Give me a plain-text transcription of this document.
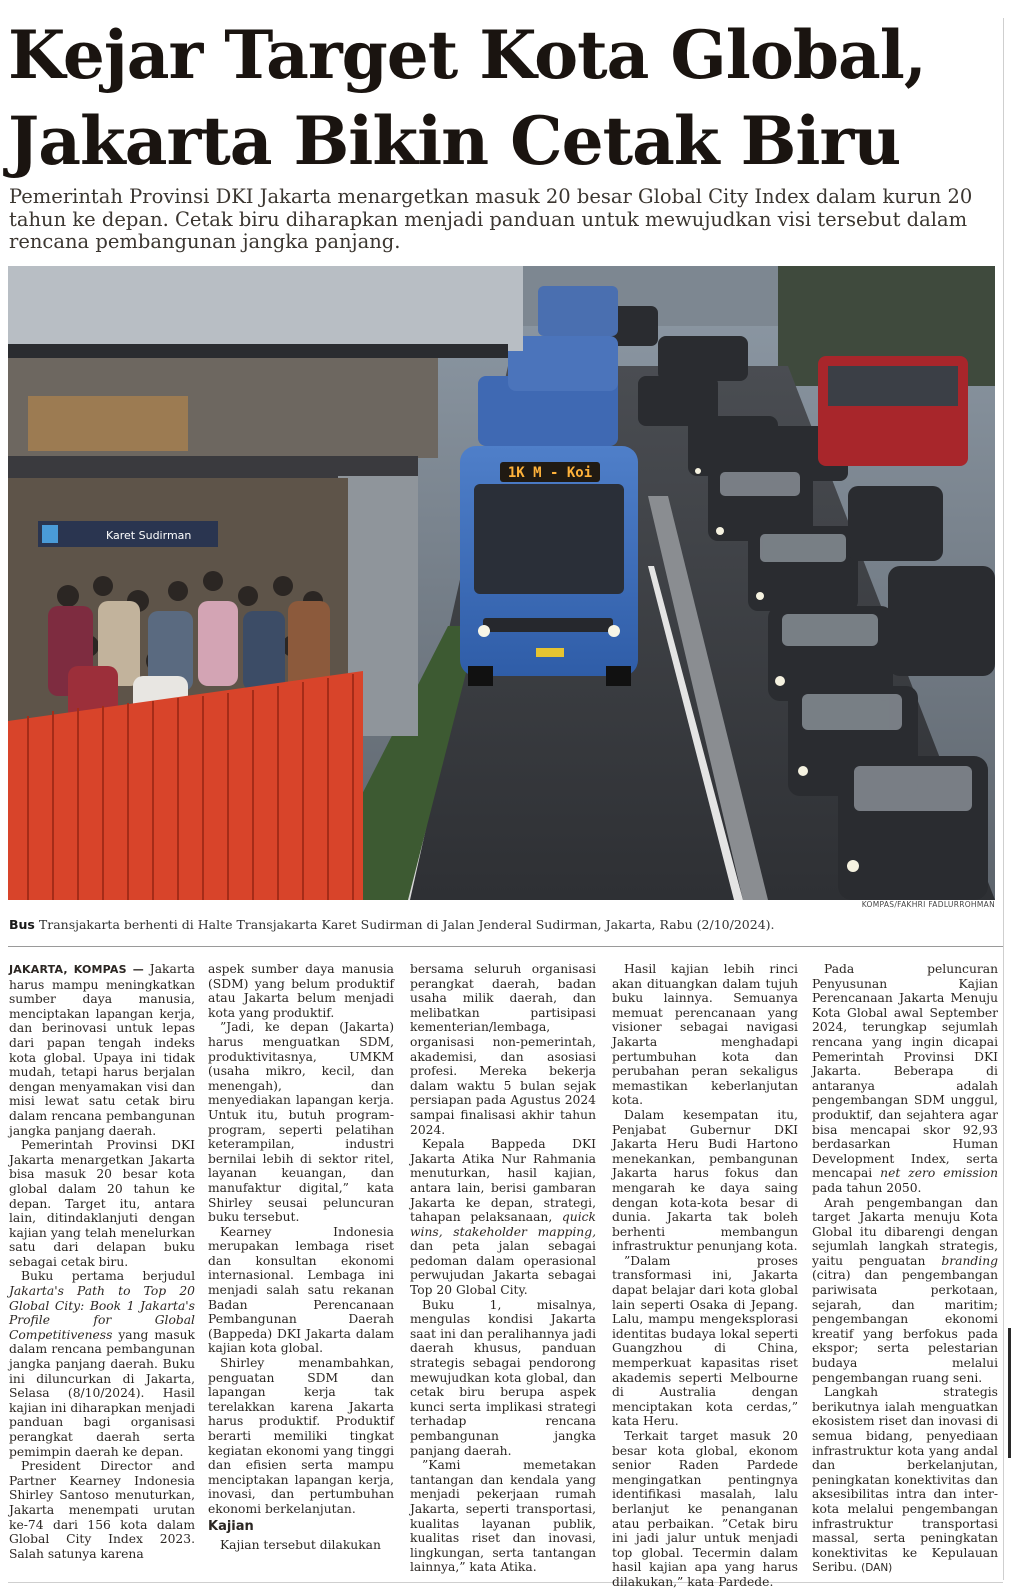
Kejar Target Kota Global, Jakarta Bikin Cetak Biru

Pemerintah Provinsi DKI Jakarta menargetkan masuk 20 besar Global City Index dalam kurun 20 tahun ke depan. Cetak biru diharapkan menjadi panduan untuk mewujudkan visi tersebut dalam rencana pembangunan jangka panjang.

1K M - Koi
Karet Sudirman
KOMPAS/FAKHRI FADLURROHMAN
Bus Transjakarta berhenti di Halte Transjakarta Karet Sudirman di Jalan Jenderal Sudirman, Jakarta, Rabu (2/10/2024).

JAKARTA, KOMPAS — Jakarta harus mampu meningkatkan sumber daya manusia, menciptakan lapangan kerja, dan berinovasi untuk lepas dari papan tengah indeks kota global. Upaya ini tidak mudah, tetapi harus berjalan dengan menyamakan visi dan misi lewat satu cetak biru dalam rencana pembangunan jangka panjang daerah.

Pemerintah Provinsi DKI Jakarta menargetkan Jakarta bisa masuk 20 besar kota global dalam 20 tahun ke depan. Target itu, antara lain, ditindaklanjuti dengan kajian yang telah menelurkan satu dari delapan buku sebagai cetak biru.

Buku pertama berjudul Jakarta's Path to Top 20 Global City: Book 1 Jakarta's Profile for Global Competitiveness yang masuk dalam rencana pembangunan jangka panjang daerah. Buku ini diluncurkan di Jakarta, Selasa (8/10/2024). Hasil kajian ini diharapkan menjadi panduan bagi organisasi perangkat daerah serta pemimpin daerah ke depan.

President Director and Partner Kearney Indonesia Shirley Santoso menuturkan, Jakarta menempati urutan ke-74 dari 156 kota dalam Global City Index 2023. Salah satunya karena

aspek sumber daya manusia (SDM) yang belum produktif atau Jakarta belum menjadi kota yang produktif.

”Jadi, ke depan (Jakarta) harus menguatkan SDM, produktivitasnya, UMKM (usaha mikro, kecil, dan menengah), dan menyediakan lapangan kerja. Untuk itu, butuh program-program, seperti pelatihan keterampilan, industri bernilai lebih di sektor ritel, layanan keuangan, dan manufaktur digital,” kata Shirley seusai peluncuran buku tersebut.

Kearney Indonesia merupakan lembaga riset dan konsultan ekonomi internasional. Lembaga ini menjadi salah satu rekanan Badan Perencanaan Pembangunan Daerah (Bappeda) DKI Jakarta dalam kajian kota global.

Shirley menambahkan, penguatan SDM dan lapangan kerja tak terelakkan karena Jakarta harus produktif. Produktif berarti memiliki tingkat kegiatan ekonomi yang tinggi dan efisien serta mampu menciptakan lapangan kerja, inovasi, dan pertumbuhan ekonomi berkelanjutan.

Kajian

Kajian tersebut dilakukan

bersama seluruh organisasi perangkat daerah, badan usaha milik daerah, dan melibatkan partisipasi kementerian/lembaga, organisasi non-pemerintah, akademisi, dan asosiasi profesi. Mereka bekerja dalam waktu 5 bulan sejak persiapan pada Agustus 2024 sampai finalisasi akhir tahun 2024.

Kepala Bappeda DKI Jakarta Atika Nur Rahmania menuturkan, hasil kajian, antara lain, berisi gambaran Jakarta ke depan, strategi, tahapan pelaksanaan, quick wins, stakeholder mapping, dan peta jalan sebagai pedoman dalam operasional perwujudan Jakarta sebagai Top 20 Global City.

Buku 1, misalnya, mengulas kondisi Jakarta saat ini dan peralihannya jadi daerah khusus, panduan strategis sebagai pendorong mewujudkan kota global, dan cetak biru berupa aspek kunci serta implikasi strategi terhadap rencana pembangunan jangka panjang daerah.

”Kami memetakan tantangan dan kendala yang menjadi pekerjaan rumah Jakarta, seperti transportasi, kualitas layanan publik, kualitas riset dan inovasi, lingkungan, serta tantangan lainnya,” kata Atika.

Hasil kajian lebih rinci akan dituangkan dalam tujuh buku lainnya. Semuanya memuat perencanaan yang visioner sebagai navigasi Jakarta menghadapi pertumbuhan kota dan perubahan peran sekaligus memastikan keberlanjutan kota.

Dalam kesempatan itu, Penjabat Gubernur DKI Jakarta Heru Budi Hartono menekankan, pembangunan Jakarta harus fokus dan mengarah ke daya saing dengan kota-kota besar di dunia. Jakarta tak boleh berhenti membangun infrastruktur penunjang kota.

”Dalam proses transformasi ini, Jakarta dapat belajar dari kota global lain seperti Osaka di Jepang. Lalu, mampu mengeksplorasi identitas budaya lokal seperti Guangzhou di China, memperkuat kapasitas riset akademis seperti Melbourne di Australia dengan menciptakan kota cerdas,” kata Heru.

Terkait target masuk 20 besar kota global, ekonom senior Raden Pardede mengingatkan pentingnya identifikasi masalah, lalu berlanjut ke penanganan atau perbaikan. ”Cetak biru ini jadi jalur untuk menjadi top global. Tecermin dalam hasil kajian apa yang harus dilakukan,” kata Pardede.

Pada peluncuran Penyusunan Kajian Perencanaan Jakarta Menuju Kota Global awal September 2024, terungkap sejumlah rencana yang ingin dicapai Pemerintah Provinsi DKI Jakarta. Beberapa di antaranya adalah pengembangan SDM unggul, produktif, dan sejahtera agar bisa mencapai skor 92,93 berdasarkan Human Development Index, serta mencapai net zero emission pada tahun 2050.

Arah pengembangan dan target Jakarta menuju Kota Global itu dibarengi dengan sejumlah langkah strategis, yaitu penguatan branding (citra) dan pengembangan pariwisata perkotaan, sejarah, dan maritim; pengembangan ekonomi kreatif yang berfokus pada ekspor; serta pelestarian budaya melalui pengembangan ruang seni.

Langkah strategis berikutnya ialah menguatkan ekosistem riset dan inovasi di semua bidang, penyediaan infrastruktur kota yang andal dan berkelanjutan, peningkatan konektivitas dan aksesibilitas intra dan inter-kota melalui pengembangan infrastruktur transportasi massal, serta peningkatan konektivitas ke Kepulauan Seribu. (DAN)
